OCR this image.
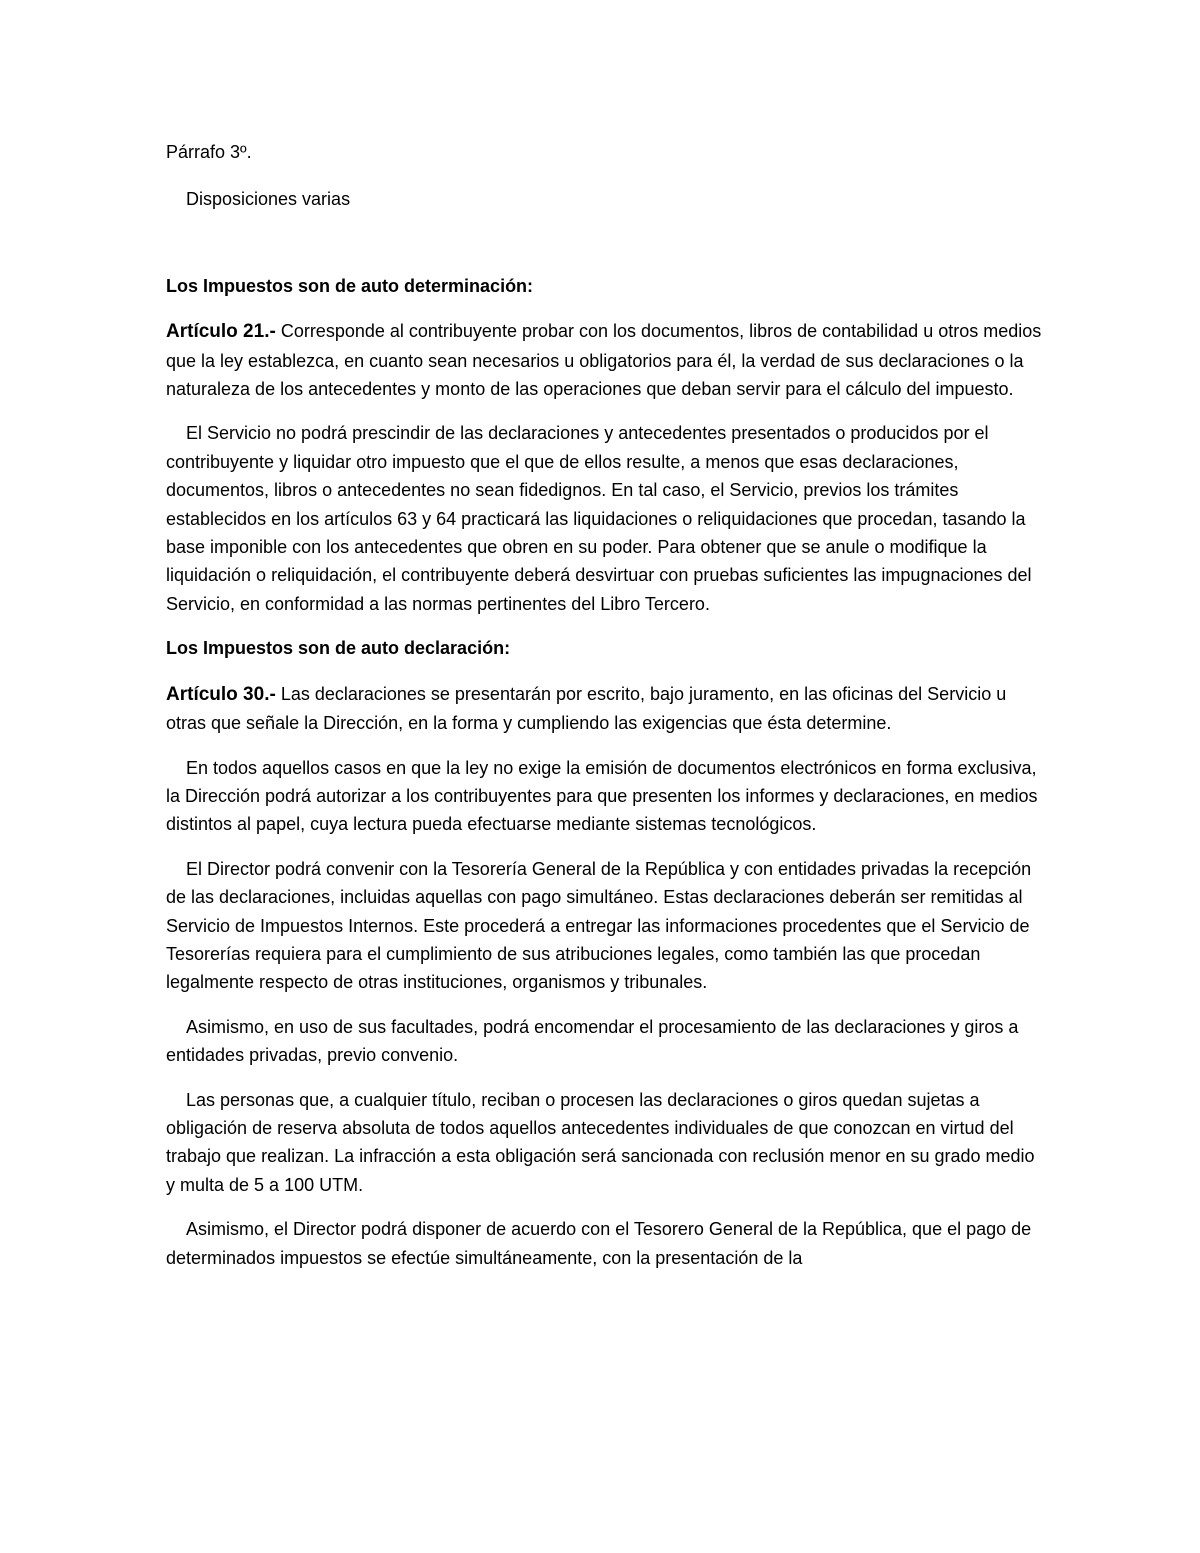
Párrafo 3º.

Disposiciones varias

Los Impuestos son de auto determinación:

Artículo 21.- Corresponde al contribuyente probar con los documentos, libros de contabilidad u otros medios que la ley establezca, en cuanto sean necesarios u obligatorios para él, la verdad de sus declaraciones o la naturaleza de los antecedentes y monto de las operaciones que deban servir para el cálculo del impuesto.

El Servicio no podrá prescindir de las declaraciones y antecedentes presentados o producidos por el contribuyente y liquidar otro impuesto que el que de ellos resulte, a menos que esas declaraciones, documentos, libros o antecedentes no sean fidedignos. En tal caso, el Servicio, previos los trámites establecidos en los artículos 63 y 64 practicará las liquidaciones o reliquidaciones que procedan, tasando la base imponible con los antecedentes que obren en su poder. Para obtener que se anule o modifique la liquidación o reliquidación, el contribuyente deberá desvirtuar con pruebas suficientes las impugnaciones del Servicio, en conformidad a las normas pertinentes del Libro Tercero.

Los Impuestos son de auto declaración:

Artículo 30.- Las declaraciones se presentarán por escrito, bajo juramento, en las oficinas del Servicio u otras que señale la Dirección, en la forma y cumpliendo las exigencias que ésta determine.

En todos aquellos casos en que la ley no exige la emisión de documentos electrónicos en forma exclusiva, la Dirección podrá autorizar a los contribuyentes para que presenten los informes y declaraciones, en medios distintos al papel, cuya lectura pueda efectuarse mediante sistemas tecnológicos.

El Director podrá convenir con la Tesorería General de la República y con entidades privadas la recepción de las declaraciones, incluidas aquellas con pago simultáneo. Estas declaraciones deberán ser remitidas al Servicio de Impuestos Internos. Este procederá a entregar las informaciones procedentes que el Servicio de Tesorerías requiera para el cumplimiento de sus atribuciones legales, como también las que procedan legalmente respecto de otras instituciones, organismos y tribunales.

Asimismo, en uso de sus facultades, podrá encomendar el procesamiento de las declaraciones y giros a entidades privadas, previo convenio.

Las personas que, a cualquier título, reciban o procesen las declaraciones o giros quedan sujetas a obligación de reserva absoluta de todos aquellos antecedentes individuales de que conozcan en virtud del trabajo que realizan. La infracción a esta obligación será sancionada con reclusión menor en su grado medio y multa de 5 a 100 UTM.

Asimismo, el Director podrá disponer de acuerdo con el Tesorero General de la República, que el pago de determinados impuestos se efectúe simultáneamente, con la presentación de la
